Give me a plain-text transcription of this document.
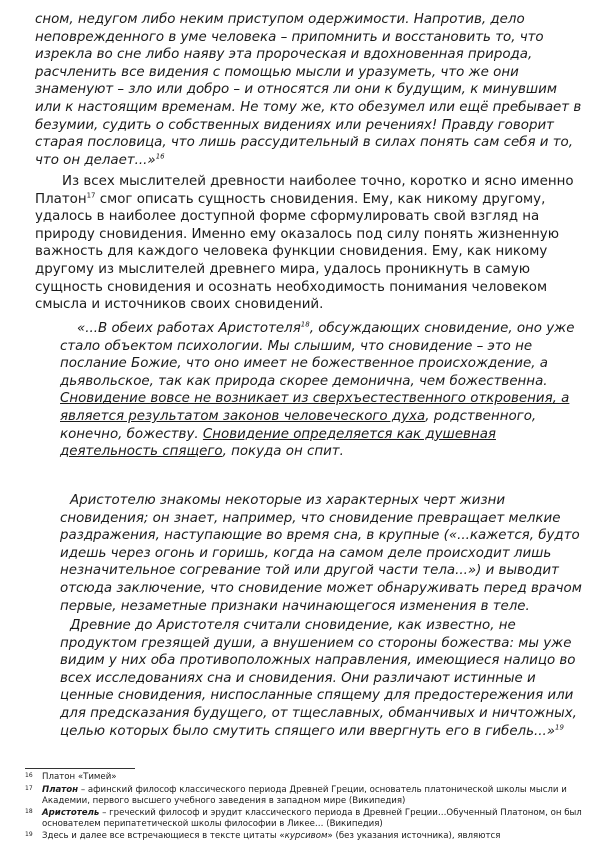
сном, недугом либо неким приступом одержимости. Напротив, дело неповрежденного в уме человека – припомнить и восстановить то, что изрекла во сне либо наяву эта пророческая и вдохновенная природа, расчленить все видения с помощью мысли и уразуметь, что же они знаменуют – зло или добро – и относятся ли они к будущим, к минувшим или к настоящим временам. Не тому же, кто обезумел или ещё пребывает в безумии, судить о собственных видениях или речениях! Правду говорит старая пословица, что лишь рассудительный в силах понять сам себя и то, что он делает...»$^{16}$

Из всех мыслителей древности наиболее точно, коротко и ясно именно Платон$^{17}$ смог описать сущность сновидения. Ему, как никому другому, удалось в наиболее доступной форме сформулировать свой взгляд на природу сновидения. Именно ему оказалось под силу понять жизненную важность для каждого человека функции сновидения. Ему, как никому другому из мыслителей древнего мира, удалось проникнуть в самую сущность сновидения и осознать необходимость понимания человеком смысла и источников своих сновидений.

«...В обеих работах Аристотеля$^{18}$, обсуждающих сновидение, оно уже стало объектом психологии. Мы слышим, что сновидение – это не послание Божие, что оно имеет не божественное происхождение, а дьявольское, так как природа скорее демонична, чем божественна. Сновидение вовсе не возникает из сверхъестественного откровения, а является результатом законов человеческого духа, родственного, конечно, божеству. Сновидение определяется как душевная деятельность спящего, покуда он спит.

Аристотелю знакомы некоторые из характерных черт жизни сновидения; он знает, например, что сновидение превращает мелкие раздражения, наступающие во время сна, в крупные («...кажется, будто идешь через огонь и горишь, когда на самом деле происходит лишь незначительное согревание той или другой части тела...») и выводит отсюда заключение, что сновидение может обнаруживать перед врачом первые, незаметные признаки начинающегося изменения в теле.

Древние до Аристотеля считали сновидение, как известно, не продуктом грезящей души, а внушением со стороны божества: мы уже видим у них оба противоположных направления, имеющиеся налицо во всех исследованиях сна и сновидения. Они различают истинные и ценные сновидения, ниспосланные спящему для предостережения или для предсказания будущего, от тщеславных, обманчивых и ничтожных, целью которых было смутить спящего или ввергнуть его в гибель...»$^{19}$

16 Платон «Тимей»
17 Платон – афинский философ классического периода Древней Греции, основатель платонической школы мысли и Академии, первого высшего учебного заведения в западном мире (Википедия)
18 Аристотель – греческий философ и эрудит классического периода в Древней Греции…Обученный Платоном, он был основателем перипатетической школы философии в Ликее… (Википедия)
19 Здесь и далее все встречающиеся в тексте цитаты «курсивом» (без указания источника), являются
